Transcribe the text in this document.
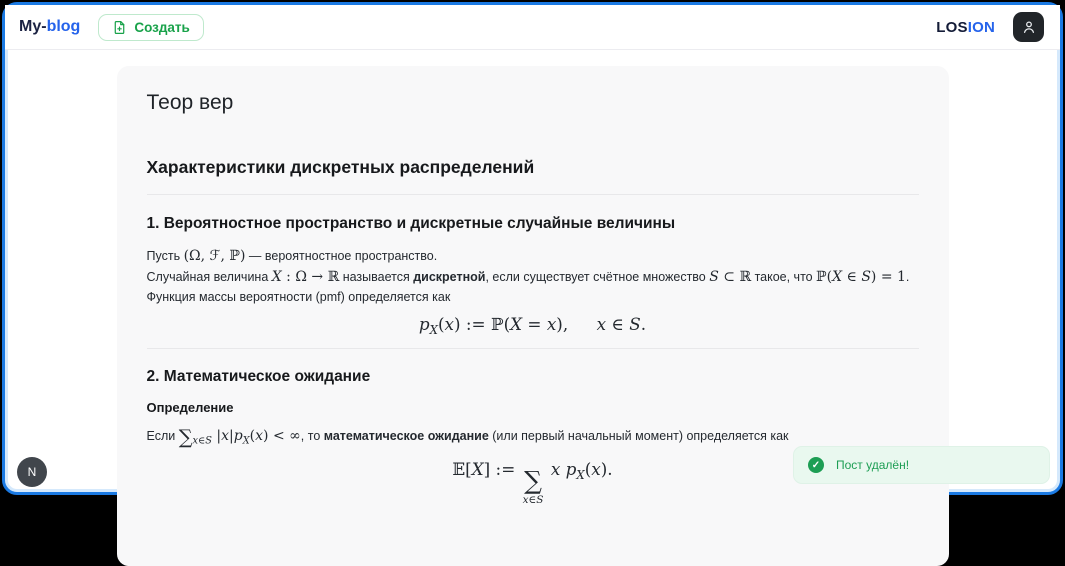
My-blog	Создать	LOSION
Теор вер
Характеристики дискретных распределений
1. Вероятностное пространство и дискретные случайные величины

Пусть (Ω, ℱ, ℙ) — вероятностное пространство.
Случайная величина X : Ω → ℝ называется дискретной, если существует счётное множество S ⊂ ℝ такое, что ℙ(X ∈ S) = 1.
Функция массы вероятности (pmf) определяется как

$p_X(x)$ := ℙ(X = x), x ∈ S.
2. Математическое ожидание
Определение

Если $\sum_{x\in S}$ $|x|p_X(x)$ < ∞, то математическое ожидание (или первый начальный момент) определяется как

𝔼[X] := ∑
x∈S
x $p_X(x)$.	✓	Пост удалён!
N
